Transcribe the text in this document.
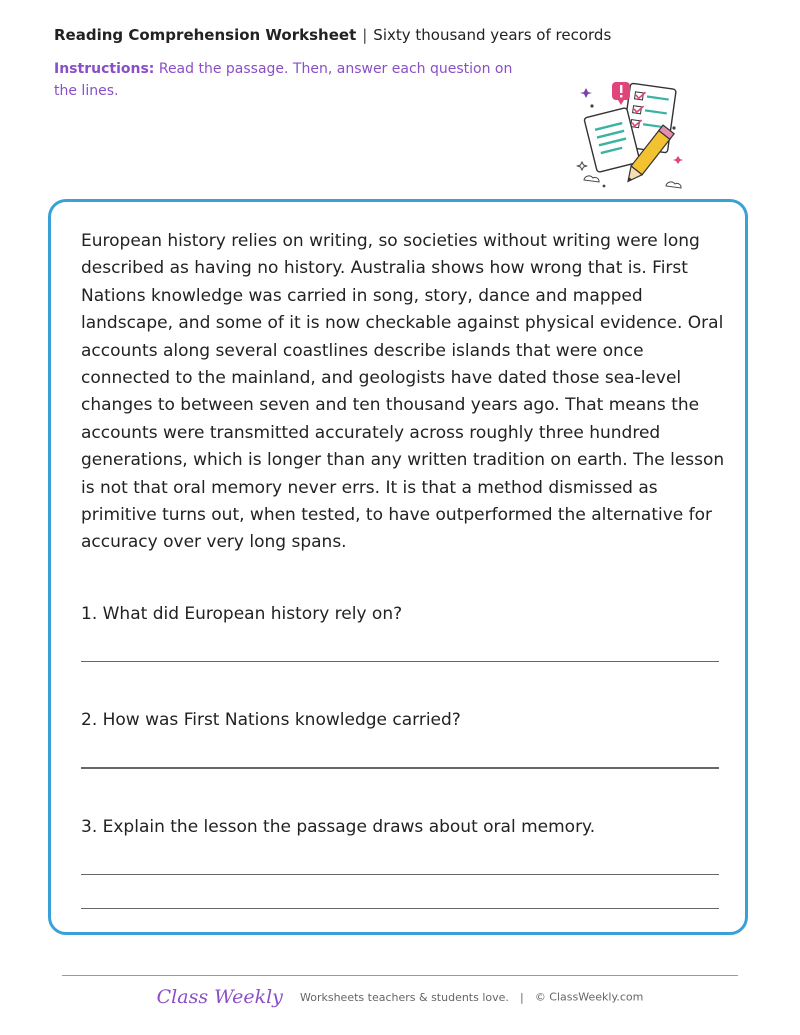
Reading Comprehension Worksheet | Sixty thousand years of records
Instructions: Read the passage. Then, answer each question on the lines.

European history relies on writing, so societies without writing were long described as having no history. Australia shows how wrong that is. First Nations knowledge was carried in song, story, dance and mapped landscape, and some of it is now checkable against physical evidence. Oral accounts along several coastlines describe islands that were once connected to the mainland, and geologists have dated those sea-level changes to between seven and ten thousand years ago. That means the accounts were transmitted accurately across roughly three hundred generations, which is longer than any written tradition on earth. The lesson is not that oral memory never errs. It is that a method dismissed as primitive turns out, when tested, to have outperformed the alternative for accuracy over very long spans.

1. What did European history rely on?

2. How was First Nations knowledge carried?

3. Explain the lesson the passage draws about oral memory.

Class Weekly Worksheets teachers & students love. | © ClassWeekly.com
